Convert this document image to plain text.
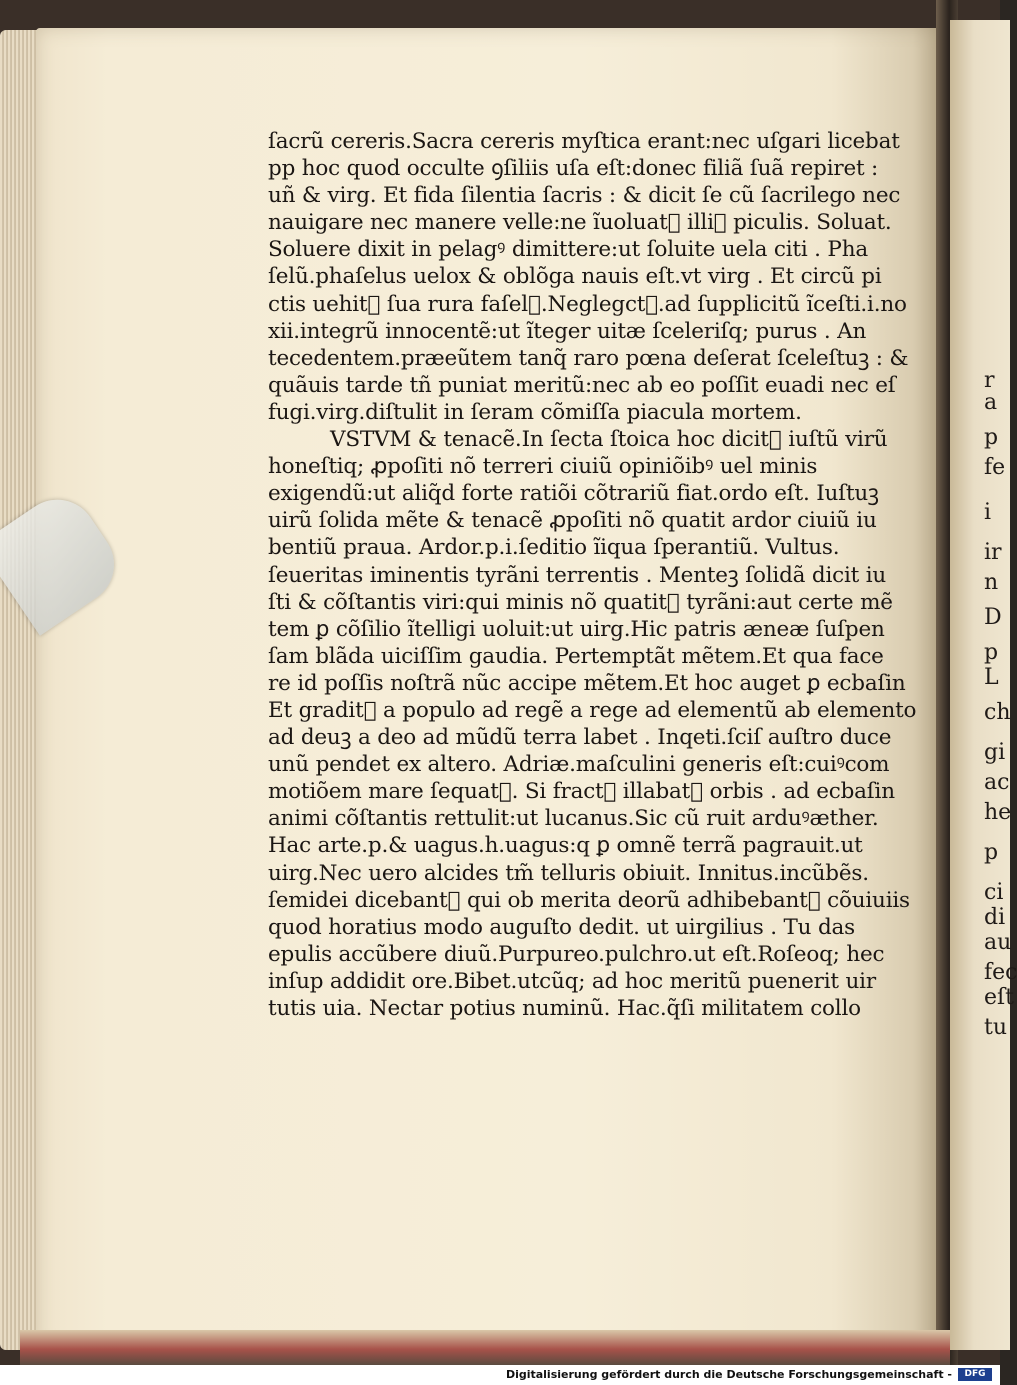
r
a
p
fe
i
ir
n
D
p
L
ch
gi
ac
he
p
ci
di
au
fec
eſt
tu
ſacrũ cereris.Sacra cereris myſtica erant:nec uſgari licebat
pp hoc quod occulte ꝯſiliis uſa eſt:donec filiã ſuã repiret :
uñ & virg. Et fida ſilentia ſacris : & dicit ſe cũ ſacrilego nec
nauigare nec manere velle:ne ĩuoluatᷣ illiꝰ piculis. Soluat.
Soluere dixit in pelagꝰ dimittere:ut ſoluite uela citi . Pha
ſelũ.phaſelus uelox & oblõga nauis eſt.vt virg . Et circũ pi
ctis uehitᷣ ſua rura faſelᷣ.Neglegctꝰ.ad ſupplicitũ ĩceſti.i.no
xii.integrũ innocentẽ:ut ĩteger uitæ ſceleriſq; purus . An
tecedentem.præeũtem tanq̃ raro pœna deſerat ſceleſtuꝫ : &
quãuis tarde tñ puniat meritũ:nec ab eo poſſit euadi nec eſ
fugi.virg.diſtulit in ſeram cõmiſſa piacula mortem.
VSTVM & tenacẽ.In ſecta ſtoica hoc dicitᷣ iuſtũ virũ
honeſtiq; ꝓpoſiti nõ terreri ciuiũ opiniõibꝰ uel minis
exigendũ:ut aliq̃d forte ratiõi cõtrariũ fiat.ordo eſt. Iuſtuꝫ
uirũ ſolida mẽte & tenacẽ ꝓpoſiti nõ quatit ardor ciuiũ iu
bentiũ praua. Ardor.p.i.ſeditio ĩiqua ſperantiũ. Vultus.
ſeueritas iminentis tyrãni terrentis . Menteꝫ ſolidã dicit iu
ſti & cõſtantis viri:qui minis nõ quatitᷣ tyrãni:aut certe mẽ
tem ꝑ cõſilio ĩtelligi uoluit:ut uirg.Hic patris æneæ ſuſpen
ſam blãda uiciſſim gaudia. Pertemptãt mẽtem.Et qua face
re id poſſis noſtrã nũc accipe mẽtem.Et hoc auget ꝑ ecbaſin
Et graditᷣ a populo ad regẽ a rege ad elementũ ab elemento
ad deuꝫ a deo ad mũdũ terra labet . Inqeti.ſciſ auſtro duce
unũ pendet ex altero. Adriæ.maſculini generis eſt:cuiꝰcom
motiõem mare ſequatᷣ. Si fractꝰ illabatᷣ orbis . ad ecbaſin
animi cõſtantis rettulit:ut lucanus.Sic cũ ruit arduꝰæther.
Hac arte.p.& uagus.h.uagus:q ꝑ omnẽ terrã pagrauit.ut
uirg.Nec uero alcides tm̃ telluris obiuit. Innitus.incũbẽs.
ſemidei dicebantᷣ qui ob merita deorũ adhibebantᷣ cõuiuiis
quod horatius modo auguſto dedit. ut uirgilius . Tu das
epulis accũbere diuũ.Purpureo.pulchro.ut eſt.Roſeoq; hec
inſup addidit ore.Bibet.utcũq; ad hoc meritũ puenerit uir
tutis uia. Nectar potius numinũ. Hac.q̃ſi militatem collo
Digitalisierung gefördert durch die Deutsche Forschungsgemeinschaft -	DFG
